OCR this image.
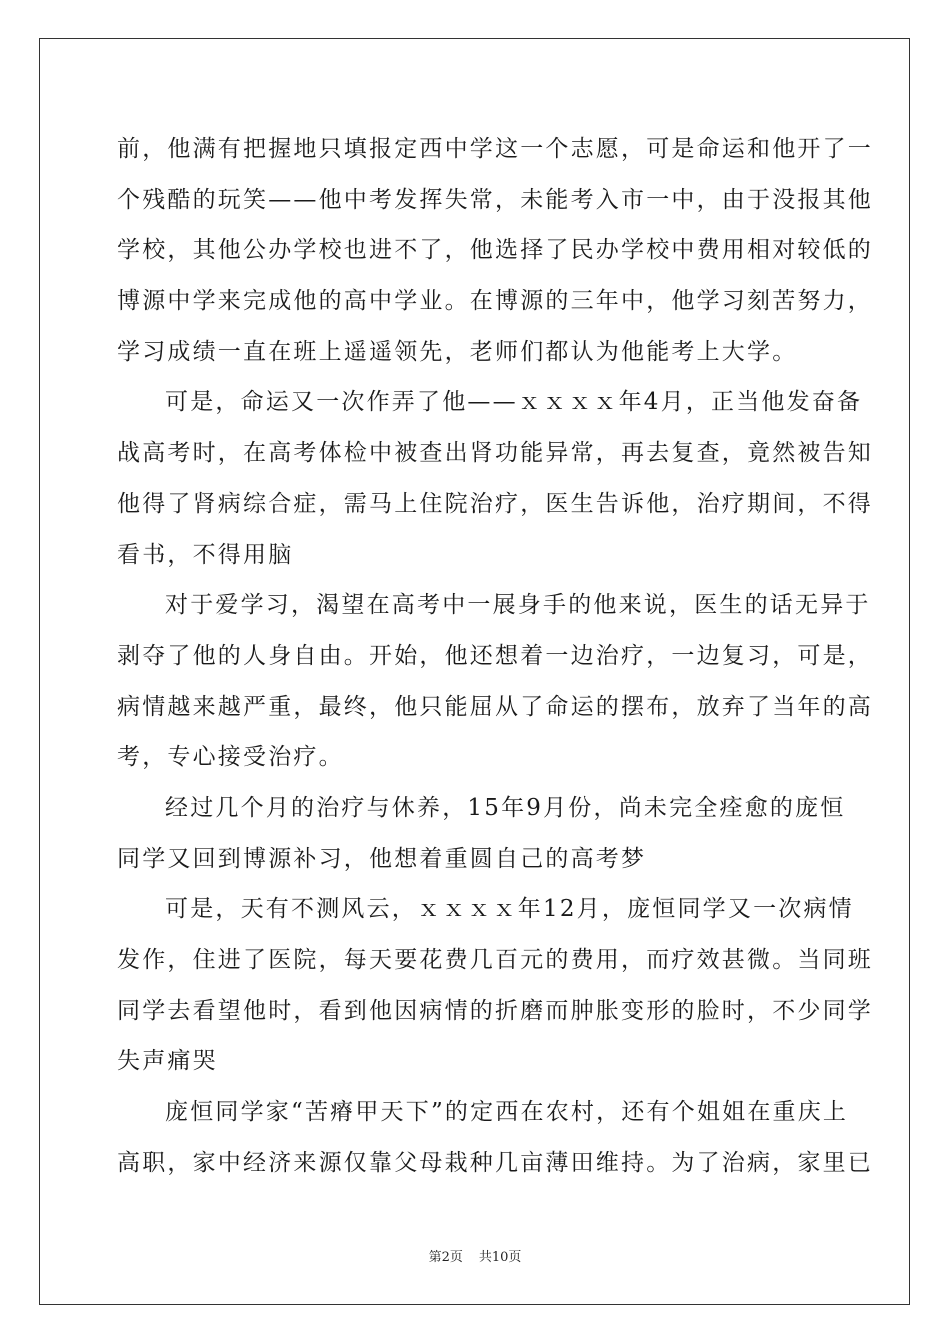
前，他满有把握地只填报定西中学这一个志愿，可是命运和他开了一
个残酷的玩笑——他中考发挥失常，未能考入市一中，由于没报其他
学校，其他公办学校也进不了，他选择了民办学校中费用相对较低的
博源中学来完成他的高中学业。在博源的三年中，他学习刻苦努力，
学习成绩一直在班上遥遥领先，老师们都认为他能考上大学。
可是，命运又一次作弄了他——ｘｘｘｘ年4月，正当他发奋备
战高考时，在高考体检中被查出肾功能异常，再去复查，竟然被告知
他得了肾病综合症，需马上住院治疗，医生告诉他，治疗期间，不得
看书，不得用脑
对于爱学习，渴望在高考中一展身手的他来说，医生的话无异于
剥夺了他的人身自由。开始，他还想着一边治疗，一边复习，可是，
病情越来越严重，最终，他只能屈从了命运的摆布，放弃了当年的高
考，专心接受治疗。
经过几个月的治疗与休养，15年9月份，尚未完全痊愈的庞恒
同学又回到博源补习，他想着重圆自己的高考梦
可是，天有不测风云，ｘｘｘｘ年12月，庞恒同学又一次病情
发作，住进了医院，每天要花费几百元的费用，而疗效甚微。当同班
同学去看望他时，看到他因病情的折磨而肿胀变形的脸时，不少同学
失声痛哭
庞恒同学家“苦瘠甲天下”的定西在农村，还有个姐姐在重庆上
高职，家中经济来源仅靠父母栽种几亩薄田维持。为了治病，家里已
第2页 共10页
